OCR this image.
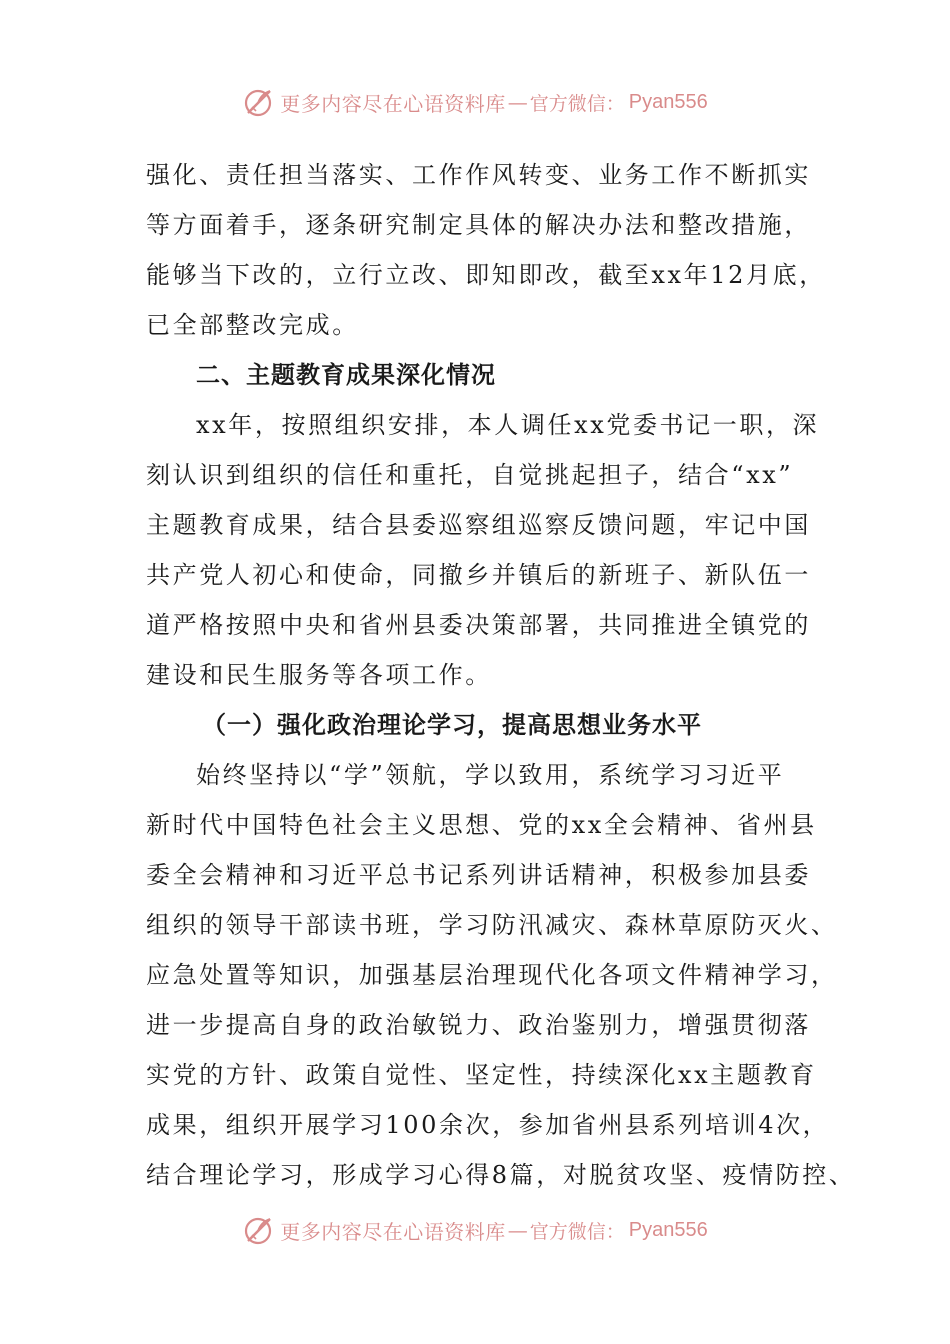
更多内容尽在心语资料库 — 官方微信： Pyan556
强化、责任担当落实、工作作风转变、业务工作不断抓实
等方面着手，逐条研究制定具体的解决办法和整改措施，
能够当下改的，立行立改、即知即改，截至xx年12月底，
已全部整改完成。
二、主题教育成果深化情况
xx年，按照组织安排，本人调任xx党委书记一职，深
刻认识到组织的信任和重托，自觉挑起担子，结合“xx”
主题教育成果，结合县委巡察组巡察反馈问题，牢记中国
共产党人初心和使命，同撤乡并镇后的新班子、新队伍一
道严格按照中央和省州县委决策部署，共同推进全镇党的
建设和民生服务等各项工作。
（一）强化政治理论学习，提高思想业务水平
始终坚持以“学”领航，学以致用，系统学习习近平
新时代中国特色社会主义思想、党的xx全会精神、省州县
委全会精神和习近平总书记系列讲话精神，积极参加县委
组织的领导干部读书班，学习防汛减灾、森林草原防灭火、
应急处置等知识，加强基层治理现代化各项文件精神学习，
进一步提高自身的政治敏锐力、政治鉴别力，增强贯彻落
实党的方针、政策自觉性、坚定性，持续深化xx主题教育
成果，组织开展学习100余次，参加省州县系列培训4次，
结合理论学习，形成学习心得8篇，对脱贫攻坚、疫情防控、
更多内容尽在心语资料库 — 官方微信： Pyan556
